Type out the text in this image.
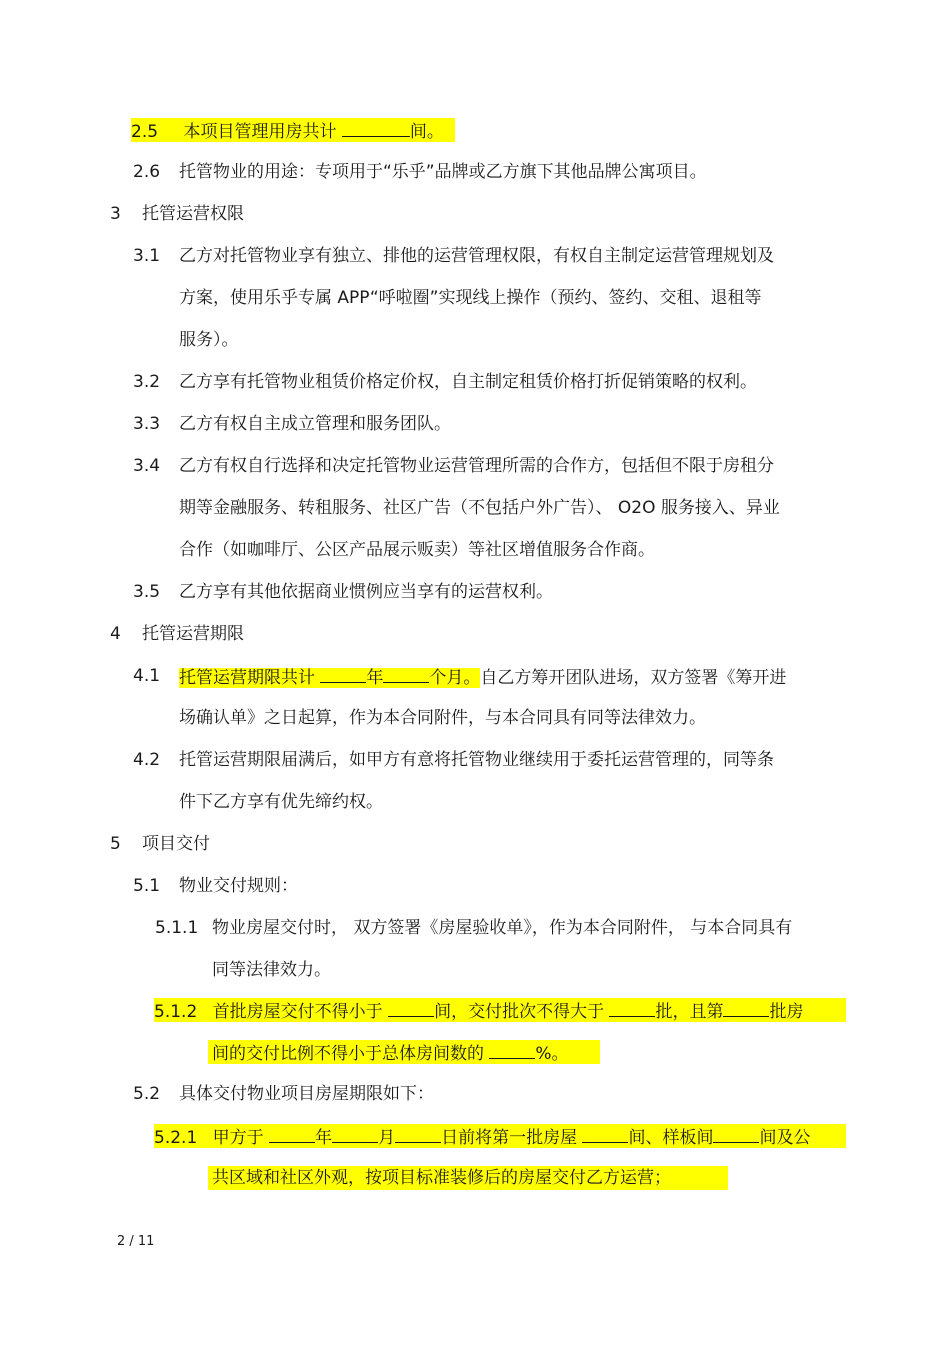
2.5 本项目管理用房共计	间。
2.6 托管物业的用途：专项用于“乐乎”品牌或乙方旗下其他品牌公寓项目。
3 托管运营权限
3.1 乙方对托管物业享有独立、排他的运营管理权限，有权自主制定运营管理规划及
方案，使用乐乎专属 APP“呼啦圈”实现线上操作（预约、签约、交租、退租等
服务）。
3.2 乙方享有托管物业租赁价格定价权，自主制定租赁价格打折促销策略的权利。
3.3 乙方有权自主成立管理和服务团队。
3.4 乙方有权自行选择和决定托管物业运营管理所需的合作方，包括但不限于房租分
期等金融服务、转租服务、社区广告（不包括户外广告）、 O2O 服务接入、异业
合作（如咖啡厅、公区产品展示贩卖）等社区增值服务合作商。
3.5 乙方享有其他依据商业惯例应当享有的运营权利。
4 托管运营期限
4.1 托管运营期限共计	年	个月。自乙方筹开团队进场，双方签署《筹开进
场确认单》之日起算，作为本合同附件，与本合同具有同等法律效力。
4.2 托管运营期限届满后，如甲方有意将托管物业继续用于委托运营管理的，同等条
件下乙方享有优先缔约权。
5 项目交付
5.1 物业交付规则：
5.1.1 物业房屋交付时， 双方签署《房屋验收单》，作为本合同附件， 与本合同具有
同等法律效力。
5.1.2 首批房屋交付不得小于	间，交付批次不得大于	批，且第	批房
间的交付比例不得小于总体房间数的	%。
5.2 具体交付物业项目房屋期限如下：
5.2.1 甲方于	年	月	日前将第一批房屋	间、样板间	间及公
共区域和社区外观，按项目标准装修后的房屋交付乙方运营；
2 / 11
